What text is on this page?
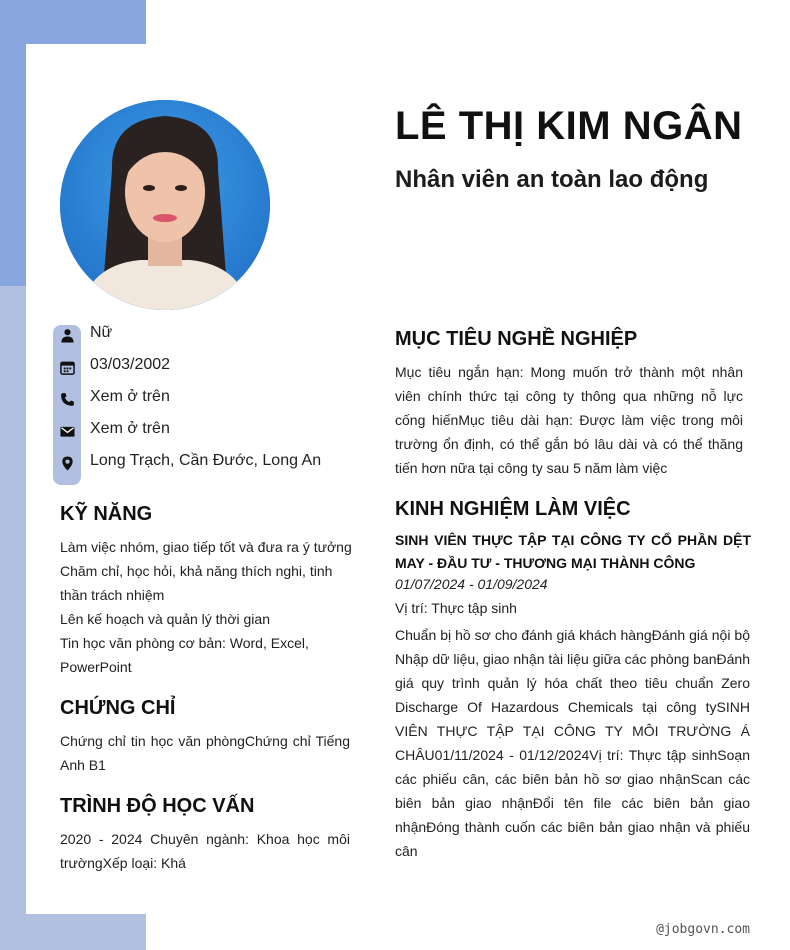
LÊ THỊ KIM NGÂN
Nhân viên an toàn lao động
Nữ
03/03/2002
Xem ở trên
Xem ở trên
Long Trạch, Cần Đước, Long An
KỸ NĂNG
Làm việc nhóm, giao tiếp tốt và đưa ra ý tưởng
Chăm chỉ, học hỏi, khả năng thích nghi, tinh thần trách nhiệm
Lên kế hoạch và quản lý thời gian
Tin học văn phòng cơ bản: Word, Excel, PowerPoint
CHỨNG CHỈ
Chứng chỉ tin học văn phòngChứng chỉ Tiếng Anh B1
TRÌNH ĐỘ HỌC VẤN
2020 - 2024 Chuyên ngành: Khoa học môi trườngXếp loại: Khá
MỤC TIÊU NGHỀ NGHIỆP
Mục tiêu ngắn hạn: Mong muốn trở thành một nhân viên chính thức tại công ty thông qua những nỗ lực cống hiếnMục tiêu dài hạn: Được làm việc trong môi trường ổn định, có thể gắn bó lâu dài và có thể thăng tiến hơn nữa tại công ty sau 5 năm làm việc
KINH NGHIỆM LÀM VIỆC
SINH VIÊN THỰC TẬP TẠI CÔNG TY CỔ PHẦN DỆT MAY - ĐẦU TƯ - THƯƠNG MẠI THÀNH CÔNG
01/07/2024 - 01/09/2024
Vị trí: Thực tập sinh
Chuẩn bị hồ sơ cho đánh giá khách hàngĐánh giá nội bộ Nhập dữ liệu, giao nhận tài liệu giữa các phòng banĐánh giá quy trình quản lý hóa chất theo tiêu chuẩn Zero Discharge Of Hazardous Chemicals tại công tySINH VIÊN THỰC TẬP TẠI CÔNG TY MÔI TRƯỜNG Á CHÂU01/11/2024 - 01/12/2024Vị trí: Thực tập sinhSoạn các phiếu cân, các biên bản hồ sơ giao nhậnScan các biên bản giao nhậnĐổi tên file các biên bản giao nhậnĐóng thành cuốn các biên bản giao nhận và phiếu cân
@jobgovn.com
